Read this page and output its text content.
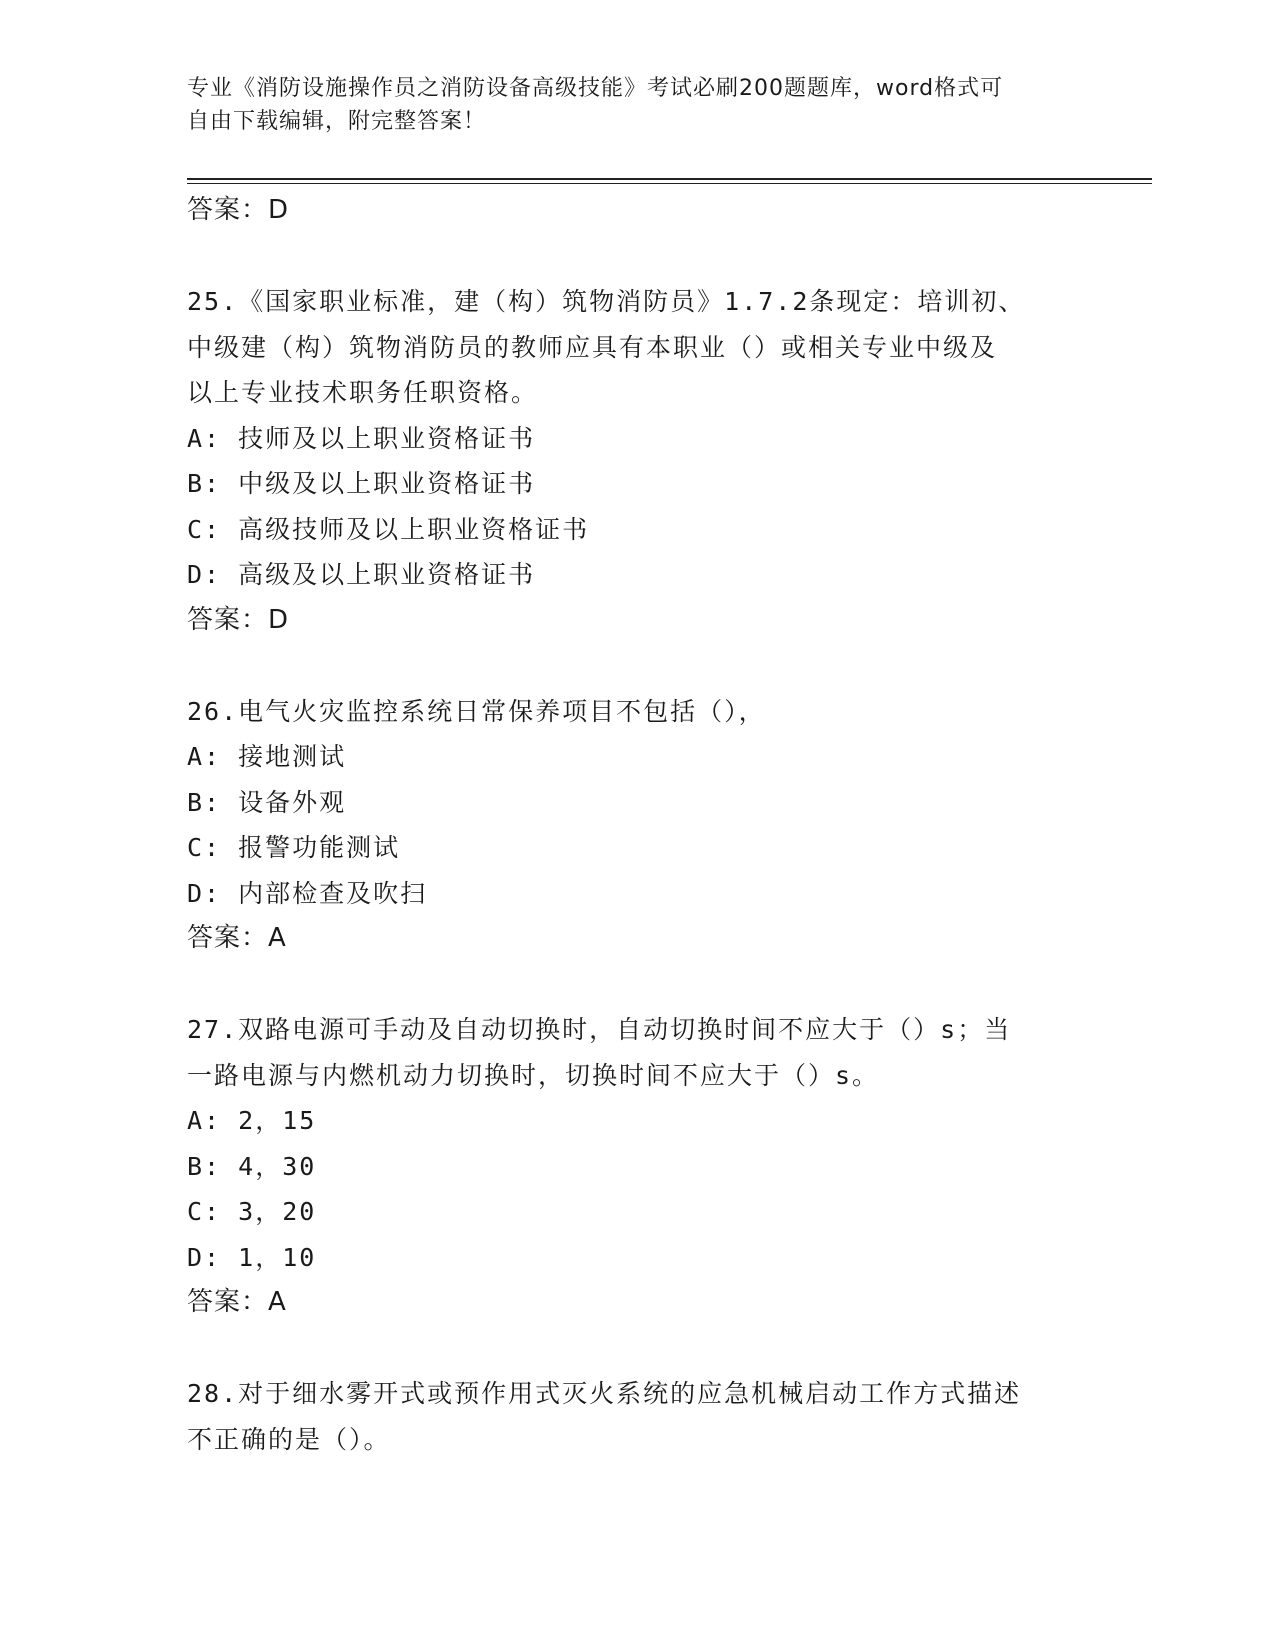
专业《消防设施操作员之消防设备高级技能》考试必刷200题题库，word格式可
自由下载编辑，附完整答案！
答案：D
25.《国家职业标准，建（构）筑物消防员》1.7.2条现定：培训初、
中级建（构）筑物消防员的教师应具有本职业（）或相关专业中级及
以上专业技术职务任职资格。
A: 技师及以上职业资格证书
B: 中级及以上职业资格证书
C: 高级技师及以上职业资格证书
D: 高级及以上职业资格证书
答案：D
26.电气火灾监控系统日常保养项目不包括（），
A: 接地测试
B: 设备外观
C: 报警功能测试
D: 内部检查及吹扫
答案：A
27.双路电源可手动及自动切换时，自动切换时间不应大于（）s；当
一路电源与内燃机动力切换时，切换时间不应大于（）s。
A: 2，15
B: 4，30
C: 3，20
D: 1，10
答案：A
28.对于细水雾开式或预作用式灭火系统的应急机械启动工作方式描述
不正确的是（）。
